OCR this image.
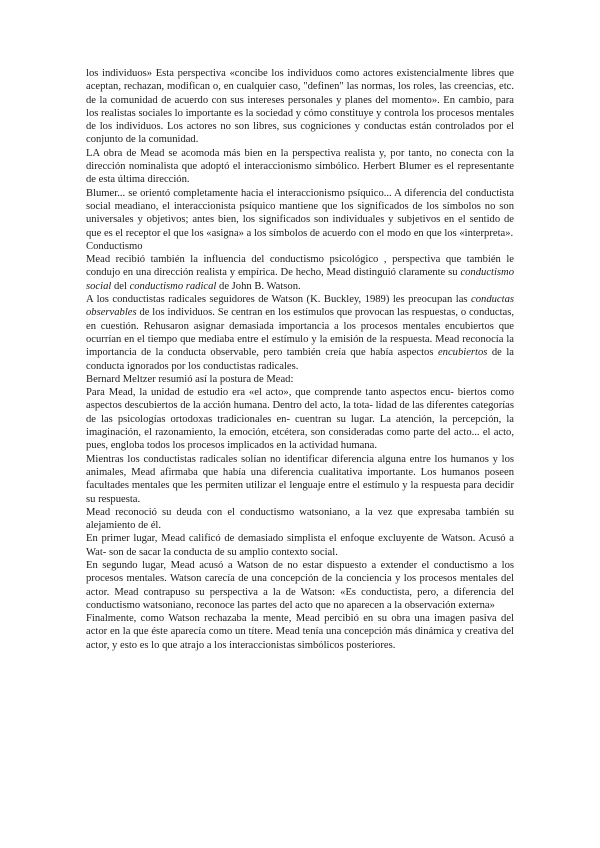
los individuos» Esta perspectiva «concibe los individuos como actores existencialmente libres que aceptan, rechazan, modifican o, en cualquier caso, "definen" las normas, los roles, las creencias, etc. de la comunidad de acuerdo con sus intereses personales y planes del momento». En cambio, para los realistas sociales lo importante es la sociedad y cómo constituye y controla los procesos mentales de los individuos. Los actores no son libres, sus cogniciones y conductas están controlados por el conjunto de la comunidad.

LA obra de Mead se acomoda más bien en la perspectiva realista y, por tanto, no conecta con la dirección nominalista que adoptó el interaccionismo simbólico. Herbert Blumer es el representante de esta última dirección.

Blumer... se orientó completamente hacia el interaccionismo psíquico... A diferencia del conductista social meadiano, el interaccionista psíquico mantiene que los significados de los símbolos no son universales y objetivos; antes bien, los significados son individuales y subjetivos en el sentido de que es el receptor el que los «asigna» a los símbolos de acuerdo con el modo en que los «interpreta».

Conductismo

Mead recibió también la influencia del conductismo psicológico , perspectiva que también le condujo en una dirección realista y empírica. De hecho, Mead distinguió claramente su conductismo social del conductismo radical de John B. Watson.

A los conductistas radicales seguidores de Watson (K. Buckley, 1989) les preocupan las conductas observables de los individuos. Se centran en los estímulos que provocan las respuestas, o conductas, en cuestión. Rehusaron asignar demasiada importancia a los procesos mentales encubiertos que ocurrían en el tiempo que mediaba entre el estímulo y la emisión de la respuesta. Mead reconocía la importancia de la conducta observable, pero también creía que había aspectos encubiertos de la conducta ignorados por los conductistas radicales.

Bernard Meltzer resumió así la postura de Mead:

Para Mead, la unidad de estudio era «el acto», que comprende tanto aspectos encu- biertos como aspectos descubiertos de la acción humana. Dentro del acto, la tota- lidad de las diferentes categorías de las psicologías ortodoxas tradicionales en- cuentran su lugar. La atención, la percepción, la imaginación, el razonamiento, la emoción, etcétera, son consideradas como parte del acto... el acto, pues, engloba todos los procesos implicados en la actividad humana.

Mientras los conductistas radicales solían no identificar diferencia alguna entre los humanos y los animales, Mead afirmaba que había una diferencia cualitativa importante. Los humanos poseen facultades mentales que les permiten utilizar el lenguaje entre el estímulo y la respuesta para decidir su respuesta.

Mead reconoció su deuda con el conductismo watsoniano, a la vez que expresaba también su alejamiento de él.

En primer lugar, Mead calificó de demasiado simplista el enfoque excluyente de Watson. Acusó a Wat- son de sacar la conducta de su amplio contexto social.

En segundo lugar, Mead acusó a Watson de no estar dispuesto a extender el conductismo a los procesos mentales. Watson carecía de una concepción de la conciencia y los procesos mentales del actor. Mead contrapuso su perspectiva a la de Watson: «Es conductista, pero, a diferencia del conductismo watsoniano, reconoce las partes del acto que no aparecen a la observación externa»

Finalmente, como Watson rechazaba la mente, Mead percibió en su obra una imagen pasiva del actor en la que éste aparecía como un títere. Mead tenía una concepción más dinámica y creativa del actor, y esto es lo que atrajo a los interaccionistas simbólicos posteriores.
